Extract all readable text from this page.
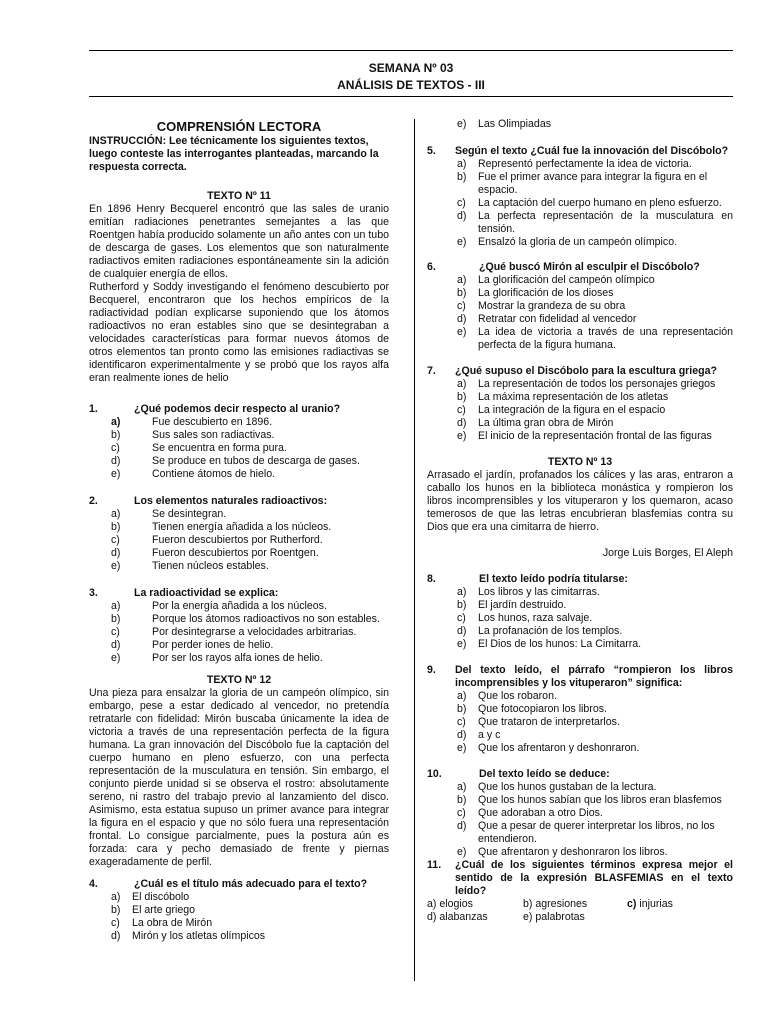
SEMANA Nº 03
ANÁLISIS DE TEXTOS - III
COMPRENSIÓN LECTORA
INSTRUCCIÓN: Lee técnicamente los siguientes textos, luego conteste las interrogantes planteadas, marcando la respuesta correcta.
TEXTO Nº 11
En 1896 Henry Becquerel encontró que las sales de uranio emitían radiaciones penetrantes semejantes a las que Roentgen había producido solamente un año antes con un tubo de descarga de gases. Los elementos que son naturalmente radiactivos emiten radiaciones espontáneamente sin la adición de cualquier energía de ellos.
Rutherford y Soddy investigando el fenómeno descubierto por Becquerel, encontraron que los hechos empíricos de la radiactividad podían explicarse suponiendo que los átomos radioactivos no eran estables sino que se desintegraban a velocidades características para formar nuevos átomos de otros elementos tan pronto como las emisiones radiactivas se identificaron experimentalmente y se probó que los rayos alfa eran realmente iones de helio
1.	¿Qué podemos decir respecto al uranio?
a)	Fue descubierto en 1896.
b)	Sus sales son radiactivas.
c)	Se encuentra en forma pura.
d)	Se produce en tubos de descarga de gases.
e)	Contiene átomos de hielo.
2.	Los elementos naturales radioactivos:
a)	Se desintegran.
b)	Tienen energía añadida a los núcleos.
c)	Fueron descubiertos por Rutherford.
d)	Fueron descubiertos por Roentgen.
e)	Tienen núcleos estables.
3.	La radioactividad se explica:
a)	Por la energía añadida a los núcleos.
b)	Porque los átomos radioactivos no son estables.
c)	Por desintegrarse a velocidades arbitrarias.
d)	Por perder iones de helio.
e)	Por ser los rayos alfa iones de helio.
TEXTO Nº 12
Una pieza para ensalzar la gloria de un campeón olímpico, sin embargo, pese a estar dedicado al vencedor, no pretendía retratarle con fidelidad: Mirón buscaba únicamente la idea de victoria a través de una representación perfecta de la figura humana. La gran innovación del Discóbolo fue la captación del cuerpo humano en pleno esfuerzo, con una perfecta representación de la musculatura en tensión. Sin embargo, el conjunto pierde unidad si se observa el rostro: absolutamente sereno, ni rastro del trabajo previo al lanzamiento del disco. Asimismo, esta estatua supuso un primer avance para integrar la figura en el espacio y que no sólo fuera una representación frontal. Lo consigue parcialmente, pues la postura aún es forzada: cara y pecho demasiado de frente y piernas exageradamente de perfil.
4.	¿Cuál es el título más adecuado para el texto?
a)	El discóbolo
b)	El arte griego
c)	La obra de Mirón
d)	Mirón y los atletas olímpicos
e)	Las Olimpiadas
5.	Según el texto ¿Cuál fue la innovación del Discóbolo?
a)	Representó perfectamente la idea de victoria.
b)	Fue el primer avance para integrar la figura en el espacio.
c)	La captación del cuerpo humano en pleno esfuerzo.
d)	La perfecta representación de la musculatura en tensión.
e)	Ensalzó la gloria de un campeón olímpico.
6.	¿Qué buscó Mirón al esculpir el Discóbolo?
a)	La glorificación del campeón olímpico
b)	La glorificación de los dioses
c)	Mostrar la grandeza de su obra
d)	Retratar con fidelidad al vencedor
e)	La idea de victoria a través de una representación perfecta de la figura humana.
7.	¿Qué supuso el Discóbolo para la escultura griega?
a)	La representación de todos los personajes griegos
b)	La máxima representación de los atletas
c)	La integración de la figura en el espacio
d)	La última gran obra de Mirón
e)	El inicio de la representación frontal de las figuras
TEXTO Nº 13
Arrasado el jardín, profanados los cálices y las aras, entraron a caballo los hunos en la biblioteca monástica y rompieron los libros incomprensibles y los vituperaron y los quemaron, acaso temerosos de que las letras encubrieran blasfemias contra su Dios que era una cimitarra de hierro.
Jorge Luis Borges, El Aleph
8.	El texto leído podría titularse:
a)	Los libros y las cimitarras.
b)	El jardín destruido.
c)	Los hunos, raza salvaje.
d)	La profanación de los templos.
e)	El Dios de los hunos: La Cimitarra.
9.	Del texto leído, el párrafo “rompieron los libros incomprensibles y los vituperaron” significa:
a)	Que los robaron.
b)	Que fotocopiaron los libros.
c)	Que trataron de interpretarlos.
d)	a y c
e)	Que los afrentaron y deshonraron.
10.	Del texto leído se deduce:
a)	Que los hunos gustaban de la lectura.
b)	Que los hunos sabían que los libros eran blasfemos
c)	Que adoraban a otro Dios.
d)	Que a pesar de querer interpretar los libros, no los entendieron.
e)	Que afrentaron y deshonraron los libros.
11.	¿Cuál de los siguientes términos expresa mejor el sentido de la expresión BLASFEMIAS en el texto leído?
a) elogios	b) agresiones	c) injurias
d) alabanzas	e) palabrotas
